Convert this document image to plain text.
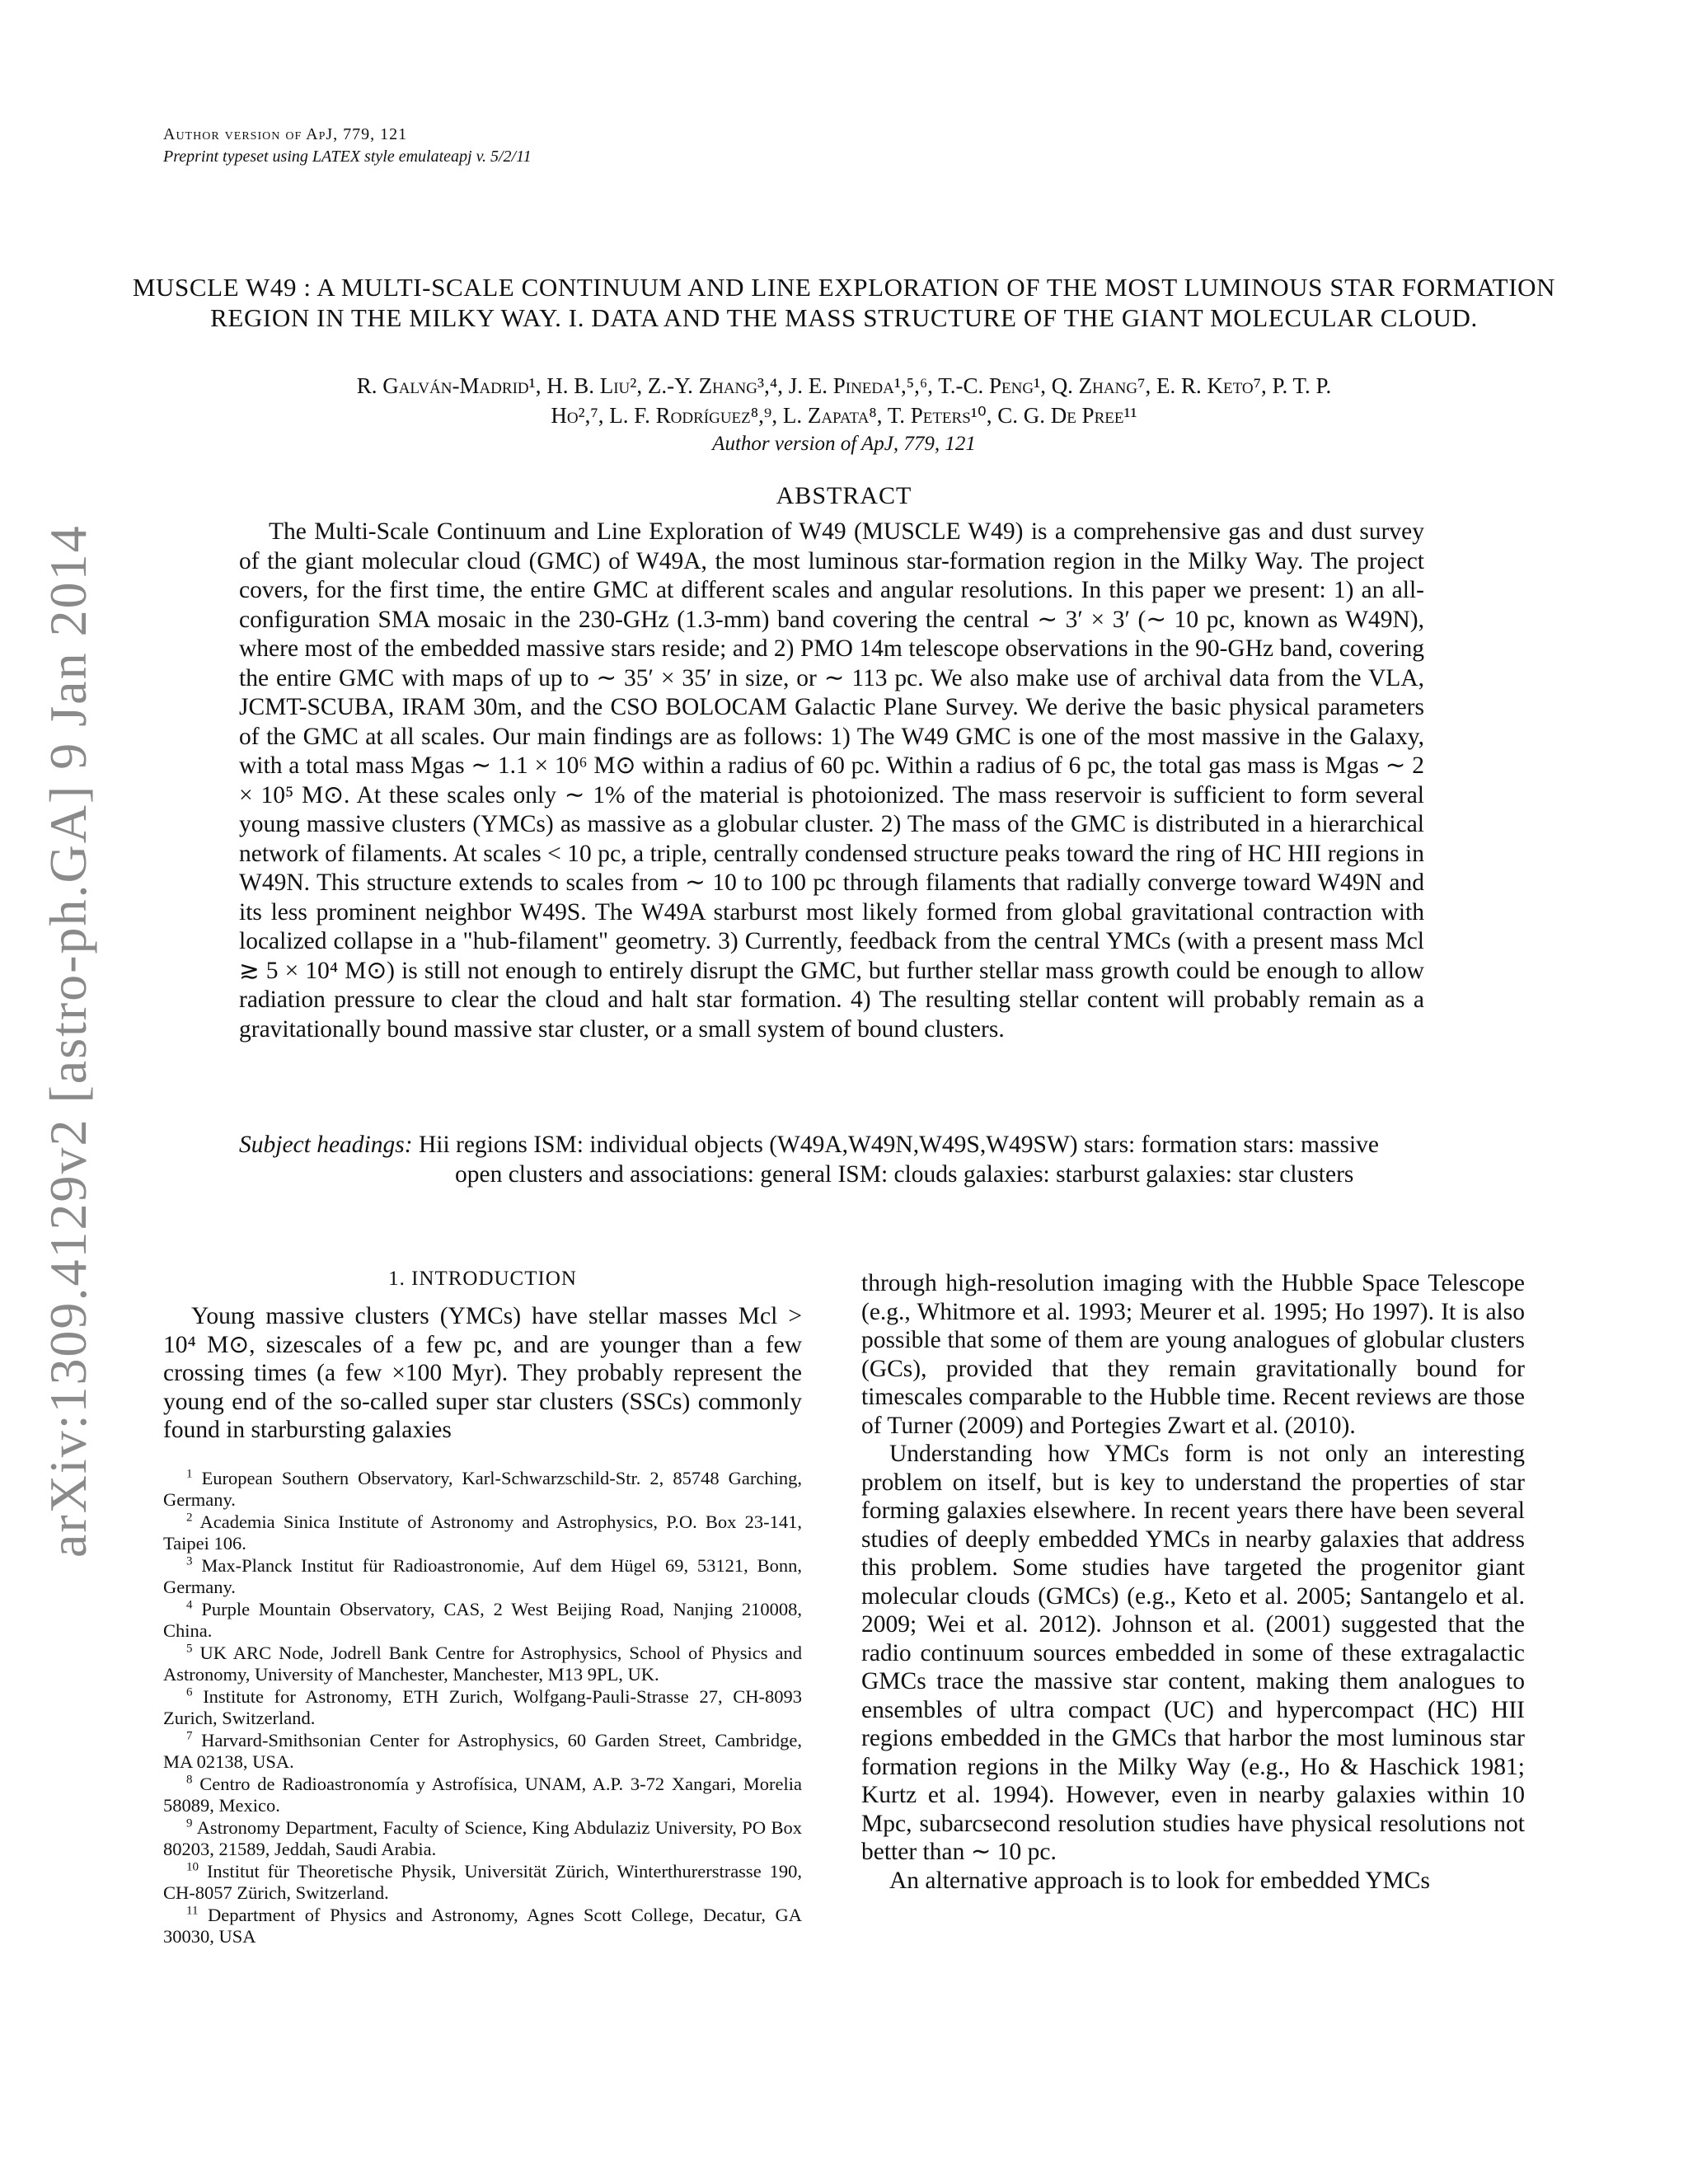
arXiv:1309.4129v2 [astro-ph.GA] 9 Jan 2014
Author version of ApJ, 779, 121
Preprint typeset using LATEX style emulateapj v. 5/2/11
MUSCLE W49 : A MULTI-SCALE CONTINUUM AND LINE EXPLORATION OF THE MOST LUMINOUS STAR FORMATION REGION IN THE MILKY WAY. I. DATA AND THE MASS STRUCTURE OF THE GIANT MOLECULAR CLOUD.
R. Galván-Madrid¹, H. B. Liu², Z.-Y. Zhang³,⁴, J. E. Pineda¹,⁵,⁶, T.-C. Peng¹, Q. Zhang⁷, E. R. Keto⁷, P. T. P.
Ho²,⁷, L. F. Rodríguez⁸,⁹, L. Zapata⁸, T. Peters¹⁰, C. G. De Pree¹¹
Author version of ApJ, 779, 121
ABSTRACT
The Multi-Scale Continuum and Line Exploration of W49 (MUSCLE W49) is a comprehensive gas and dust survey of the giant molecular cloud (GMC) of W49A, the most luminous star-formation region in the Milky Way. The project covers, for the first time, the entire GMC at different scales and angular resolutions. In this paper we present: 1) an all-configuration SMA mosaic in the 230-GHz (1.3-mm) band covering the central ∼ 3′ × 3′ (∼ 10 pc, known as W49N), where most of the embedded massive stars reside; and 2) PMO 14m telescope observations in the 90-GHz band, covering the entire GMC with maps of up to ∼ 35′ × 35′ in size, or ∼ 113 pc. We also make use of archival data from the VLA, JCMT-SCUBA, IRAM 30m, and the CSO BOLOCAM Galactic Plane Survey. We derive the basic physical parameters of the GMC at all scales. Our main findings are as follows: 1) The W49 GMC is one of the most massive in the Galaxy, with a total mass Mgas ∼ 1.1 × 10⁶ M⊙ within a radius of 60 pc. Within a radius of 6 pc, the total gas mass is Mgas ∼ 2 × 10⁵ M⊙. At these scales only ∼ 1% of the material is photoionized. The mass reservoir is sufficient to form several young massive clusters (YMCs) as massive as a globular cluster. 2) The mass of the GMC is distributed in a hierarchical network of filaments. At scales < 10 pc, a triple, centrally condensed structure peaks toward the ring of HC HII regions in W49N. This structure extends to scales from ∼ 10 to 100 pc through filaments that radially converge toward W49N and its less prominent neighbor W49S. The W49A starburst most likely formed from global gravitational contraction with localized collapse in a "hub-filament" geometry. 3) Currently, feedback from the central YMCs (with a present mass Mcl ≳ 5 × 10⁴ M⊙) is still not enough to entirely disrupt the GMC, but further stellar mass growth could be enough to allow radiation pressure to clear the cloud and halt star formation. 4) The resulting stellar content will probably remain as a gravitationally bound massive star cluster, or a small system of bound clusters.
Subject headings: Hii regions ISM: individual objects (W49A,W49N,W49S,W49SW) stars: formation stars: massive open clusters and associations: general ISM: clouds galaxies: starburst galaxies: star clusters
1. INTRODUCTION

Young massive clusters (YMCs) have stellar masses Mcl > 10⁴ M⊙, sizescales of a few pc, and are younger than a few crossing times (a few ×100 Myr). They probably represent the young end of the so-called super star clusters (SSCs) commonly found in starbursting galaxies

$^1$ European Southern Observatory, Karl-Schwarzschild-Str. 2, 85748 Garching, Germany.

$^2$ Academia Sinica Institute of Astronomy and Astrophysics, P.O. Box 23-141, Taipei 106.

$^3$ Max-Planck Institut für Radioastronomie, Auf dem Hügel 69, 53121, Bonn, Germany.

$^4$ Purple Mountain Observatory, CAS, 2 West Beijing Road, Nanjing 210008, China.

$^5$ UK ARC Node, Jodrell Bank Centre for Astrophysics, School of Physics and Astronomy, University of Manchester, Manchester, M13 9PL, UK.

$^6$ Institute for Astronomy, ETH Zurich, Wolfgang-Pauli-Strasse 27, CH-8093 Zurich, Switzerland.

$^7$ Harvard-Smithsonian Center for Astrophysics, 60 Garden Street, Cambridge, MA 02138, USA.

$^8$ Centro de Radioastronomía y Astrofísica, UNAM, A.P. 3-72 Xangari, Morelia 58089, Mexico.

$^9$ Astronomy Department, Faculty of Science, King Abdulaziz University, PO Box 80203, 21589, Jeddah, Saudi Arabia.

$^{10}$ Institut für Theoretische Physik, Universität Zürich, Winterthurerstrasse 190, CH-8057 Zürich, Switzerland.

$^{11}$ Department of Physics and Astronomy, Agnes Scott College, Decatur, GA 30030, USA

through high-resolution imaging with the Hubble Space Telescope (e.g., Whitmore et al. 1993; Meurer et al. 1995; Ho 1997). It is also possible that some of them are young analogues of globular clusters (GCs), provided that they remain gravitationally bound for timescales comparable to the Hubble time. Recent reviews are those of Turner (2009) and Portegies Zwart et al. (2010).

Understanding how YMCs form is not only an interesting problem on itself, but is key to understand the properties of star forming galaxies elsewhere. In recent years there have been several studies of deeply embedded YMCs in nearby galaxies that address this problem. Some studies have targeted the progenitor giant molecular clouds (GMCs) (e.g., Keto et al. 2005; Santangelo et al. 2009; Wei et al. 2012). Johnson et al. (2001) suggested that the radio continuum sources embedded in some of these extragalactic GMCs trace the massive star content, making them analogues to ensembles of ultra compact (UC) and hypercompact (HC) HII regions embedded in the GMCs that harbor the most luminous star formation regions in the Milky Way (e.g., Ho & Haschick 1981; Kurtz et al. 1994). However, even in nearby galaxies within 10 Mpc, subarcsecond resolution studies have physical resolutions not better than ∼ 10 pc.

An alternative approach is to look for embedded YMCs
